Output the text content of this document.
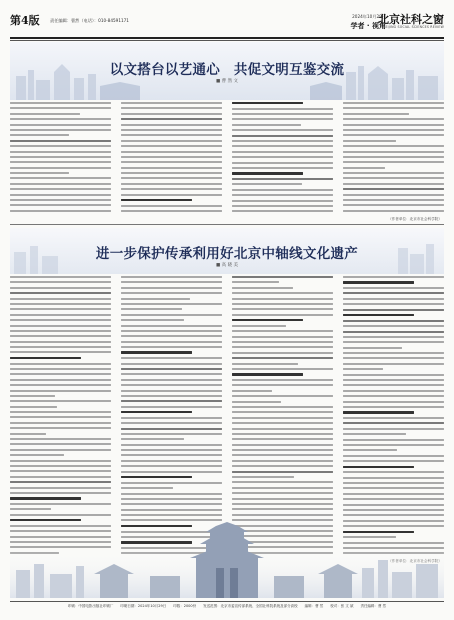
第4版 责任编辑：曹然（电话）：010-84591171
2024年10月29日
学者 · 视角
北京社科之窗
BEIJING SOCIAL SCIENCES REVIEW
以文搭台以艺通心　共促文明互鉴交流
■ 曹 然 文
（作者单位：北京市社会科学院）
进一步保护传承利用好北京中轴线文化遗产
■ 高 晓 美
印刷：中国电影出版社印刷厂　　印刷日期：2024年10月29日　　印数：2000份　　发送范围：北京市委宣传部系统、全国社科院系统及部分高校　　编辑：曹 然　　校对：张 文 斌　　责任编辑：曹 然
